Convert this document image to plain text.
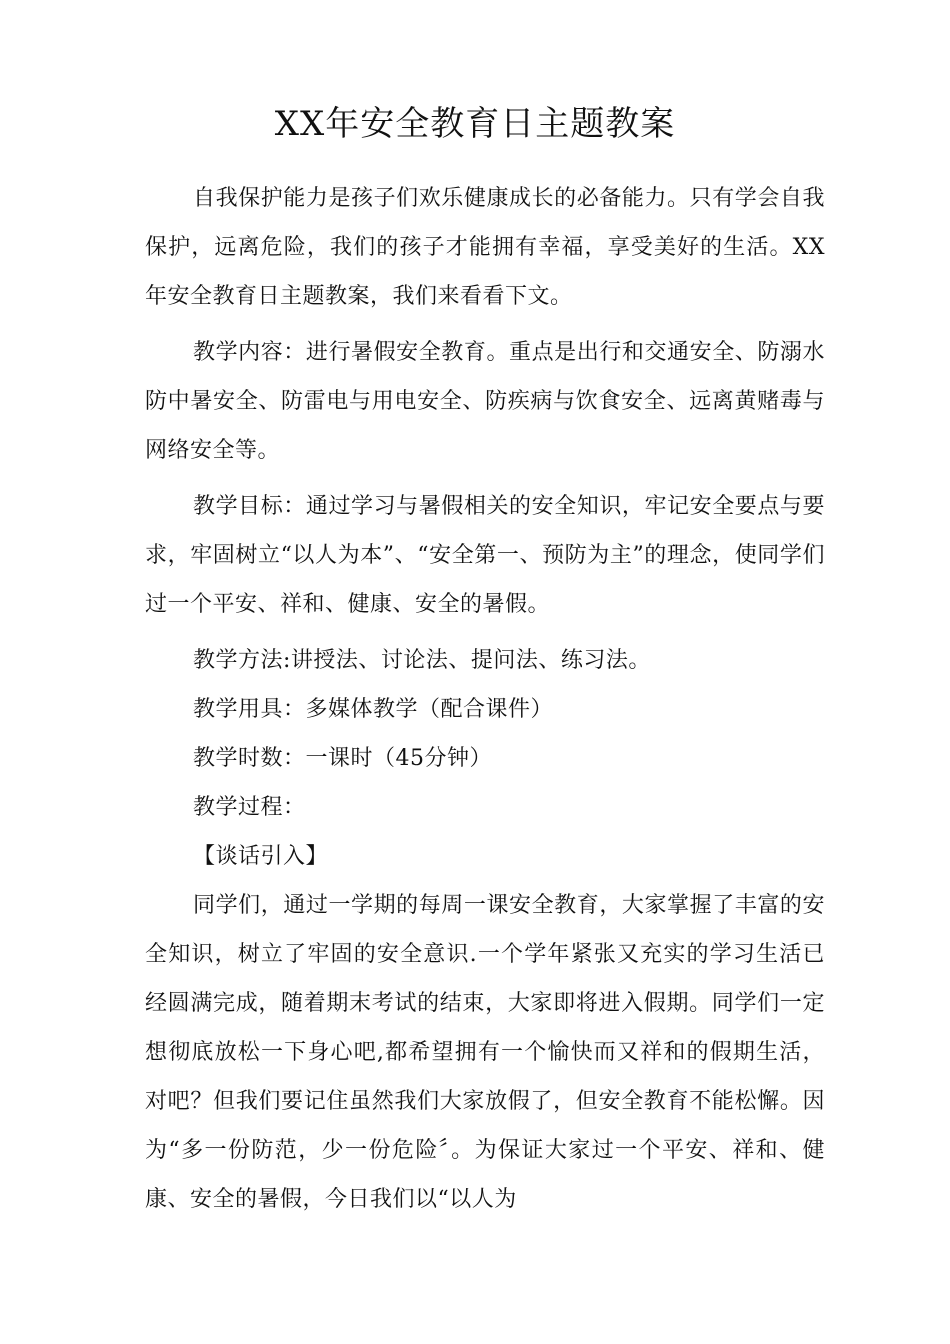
XX年安全教育日主题教案

自我保护能力是孩子们欢乐健康成长的必备能力。只有学会自我保护，远离危险，我们的孩子才能拥有幸福，享受美好的生活。XX年安全教育日主题教案，我们来看看下文。

教学内容：进行暑假安全教育。重点是出行和交通安全、防溺水防中暑安全、防雷电与用电安全、防疾病与饮食安全、远离黄赌毒与网络安全等。

教学目标：通过学习与暑假相关的安全知识，牢记安全要点与要求，牢固树立“以人为本”、“安全第一、预防为主”的理念，使同学们过一个平安、祥和、健康、安全的暑假。

教学方法:讲授法、讨论法、提问法、练习法。

教学用具：多媒体教学（配合课件）

教学时数：一课时（45分钟）

教学过程：

【谈话引入】

同学们，通过一学期的每周一课安全教育，大家掌握了丰富的安全知识，树立了牢固的安全意识.一个学年紧张又充实的学习生活已经圆满完成，随着期末考试的结束，大家即将进入假期。同学们一定想彻底放松一下身心吧,都希望拥有一个愉快而又祥和的假期生活，对吧？但我们要记住虽然我们大家放假了，但安全教育不能松懈。因为“多一份防范，少一份危险〞。为保证大家过一个平安、祥和、健康、安全的暑假，今日我们以“以人为
